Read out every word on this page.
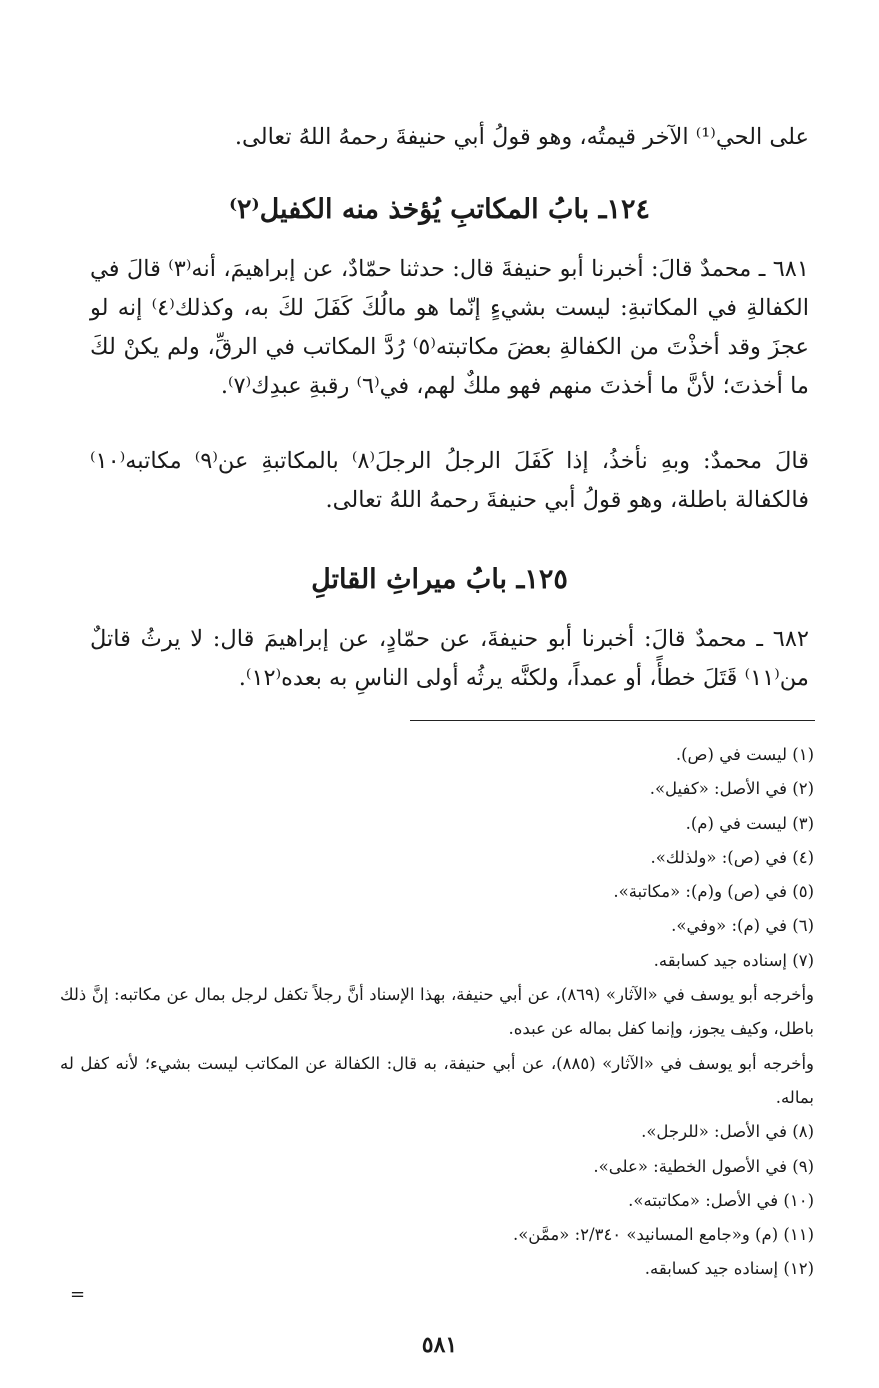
على الحي⁽¹⁾ الآخر قيمتُه، وهو قولُ أبي حنيفةَ رحمهُ اللهُ تعالى.
١٢٤ـ بابُ المكاتبِ يُؤخذ منه الكفيل⁽٢⁾
٦٨١ ـ محمدٌ قالَ: أخبرنا أبو حنيفةَ قال: حدثنا حمّادٌ، عن إبراهيمَ، أنه⁽٣⁾ قالَ في الكفالةِ في المكاتبةِ: ليست بشيءٍ إنّما هو مالُكَ كَفَلَ لكَ به، وكذلك⁽٤⁾ إنه لو عجزَ وقد أخذْتَ من الكفالةِ بعضَ مكاتبته⁽٥⁾ رُدَّ المكاتب في الرقِّ، ولم يكنْ لكَ ما أخذتَ؛ لأنَّ ما أخذتَ منهم فهو ملكٌ لهم، في⁽٦⁾ رقبةِ عبدِك⁽٧⁾.
قالَ محمدٌ: وبهِ نأخذُ، إذا كَفَلَ الرجلُ الرجلَ⁽٨⁾ بالمكاتبةِ عن⁽٩⁾ مكاتبه⁽١٠⁾ فالكفالة باطلة، وهو قولُ أبي حنيفةَ رحمهُ اللهُ تعالى.
١٢٥ـ بابُ ميراثِ القاتلِ
٦٨٢ ـ محمدٌ قالَ: أخبرنا أبو حنيفةَ، عن حمّادٍ، عن إبراهيمَ قال: لا يرثُ قاتلٌ من⁽١١⁾ قَتَلَ خطأً، أو عمداً، ولكنَّه يرثُه أولى الناسِ به بعده⁽١٢⁾.
(١) ليست في (ص).
(٢) في الأصل: «كفيل».
(٣) ليست في (م).
(٤) في (ص): «ولذلك».
(٥) في (ص) و(م): «مكاتبة».
(٦) في (م): «وفي».
(٧) إسناده جيد كسابقه.
وأخرجه أبو يوسف في «الآثار» (٨٦٩)، عن أبي حنيفة، بهذا الإسناد أنَّ رجلاً تكفل لرجل بمال عن مكاتبه: إنَّ ذلك باطل، وكيف يجوز، وإنما كفل بماله عن عبده.
وأخرجه أبو يوسف في «الآثار» (٨٨٥)، عن أبي حنيفة، به قال: الكفالة عن المكاتب ليست بشيء؛ لأنه كفل له بماله.
(٨) في الأصل: «للرجل».
(٩) في الأصول الخطية: «على».
(١٠) في الأصل: «مكاتبته».
(١١) (م) و«جامع المسانيد» ٢/٣٤٠: «ممَّن».
(١٢) إسناده جيد كسابقه.
=
٥٨١
